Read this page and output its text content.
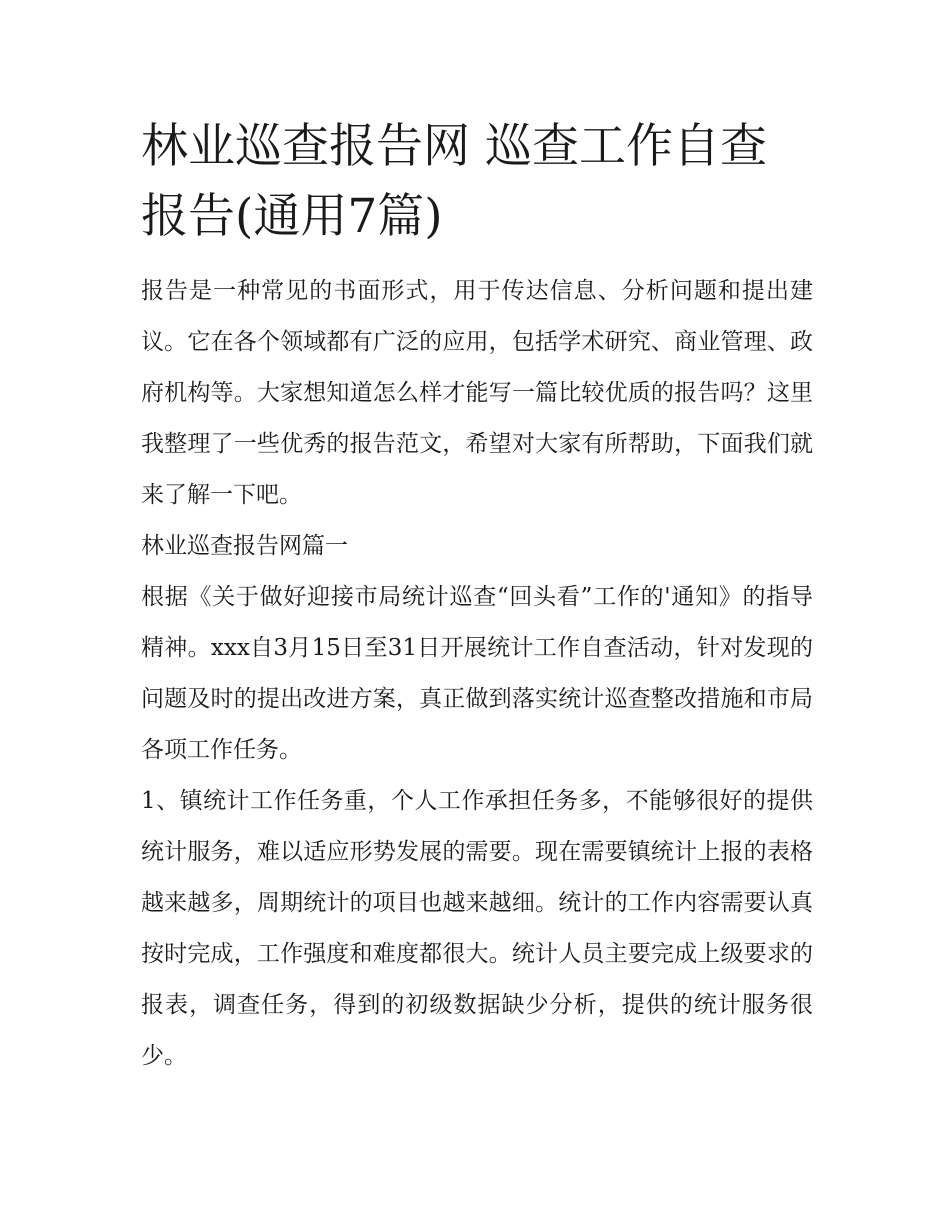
林业巡查报告网 巡查工作自查报告(通用7篇)

报告是一种常见的书面形式，用于传达信息、分析问题和提出建议。它在各个领域都有广泛的应用，包括学术研究、商业管理、政府机构等。大家想知道怎么样才能写一篇比较优质的报告吗？这里我整理了一些优秀的报告范文，希望对大家有所帮助，下面我们就来了解一下吧。

林业巡查报告网篇一

根据《关于做好迎接市局统计巡查“回头看”工作的'通知》的指导精神。xxx自3月15日至31日开展统计工作自查活动，针对发现的问题及时的提出改进方案，真正做到落实统计巡查整改措施和市局各项工作任务。

1、镇统计工作任务重，个人工作承担任务多，不能够很好的提供统计服务，难以适应形势发展的需要。现在需要镇统计上报的表格越来越多，周期统计的项目也越来越细。统计的工作内容需要认真按时完成，工作强度和难度都很大。统计人员主要完成上级要求的报表，调查任务，得到的初级数据缺少分析，提供的统计服务很少。
